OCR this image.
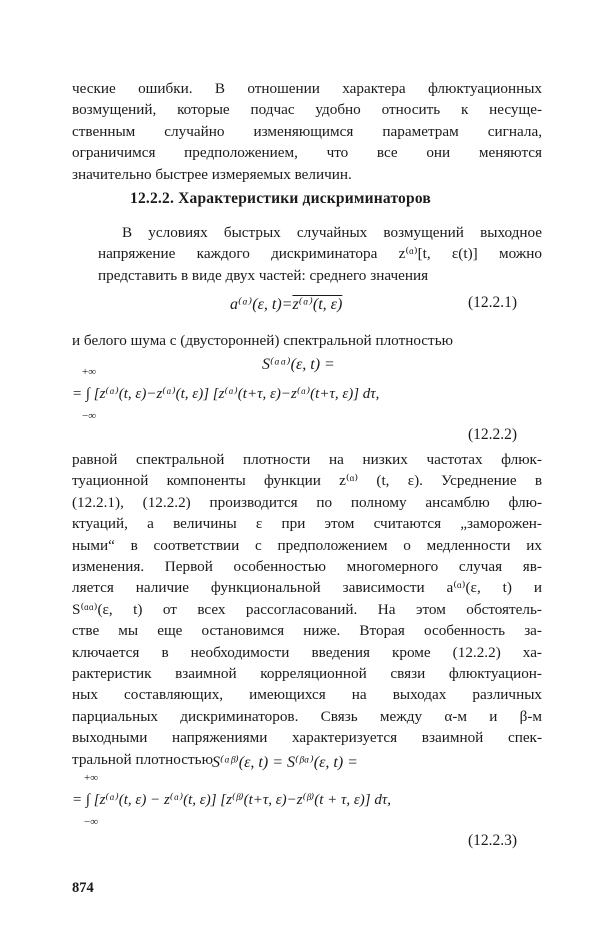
ческие ошибки. В отношении характера флюктуационных
возмущений, которые подчас удобно относить к несуще-
ственным случайно изменяющимся параметрам сигнала,
ограничимся предположением, что все они меняются
значительно быстрее измеряемых величин.

12.2.2. Характеристики дискриминаторов

В условиях быстрых случайных возмущений выходное
напряжение каждого дискриминатора z⁽ᵅ⁾[t, ε(t)] можно
представить в виде двух частей: среднего значения
a⁽ᵅ⁾(ε, t)=z⁽ᵅ⁾(t, ε)	(12.2.1)

и белого шума с (двусторонней) спектральной плотностью
S⁽ᵅᵅ⁾(ε, t) =
+∞
= ∫ [z⁽ᵅ⁾(t, ε)−z⁽ᵅ⁾(t, ε)] [z⁽ᵅ⁾(t+τ, ε)−z⁽ᵅ⁾(t+τ, ε)] dτ,
−∞

(12.2.2)

равной спектральной плотности на низких частотах флюк-
туационной компоненты функции z⁽ᵅ⁾ (t, ε). Усреднение в
(12.2.1), (12.2.2) производится по полному ансамблю флю-
ктуаций, а величины ε при этом считаются „заморожен-
ными“ в соответствии с предположением о медленности их
изменения. Первой особенностью многомерного случая яв-
ляется наличие функциональной зависимости a⁽ᵅ⁾(ε, t) и
S⁽ᵅᵅ⁾(ε, t) от всех рассогласований. На этом обстоятель-
стве мы еще остановимся ниже. Вторая особенность за-
ключается в необходимости введения кроме (12.2.2) ха-
рактеристик взаимной корреляционной связи флюктуацион-
ных составляющих, имеющихся на выходах различных
парциальных дискриминаторов. Связь между α-м и β-м
выходными напряжениями характеризуется взаимной спек-
тральной плотностью S⁽ᵅᵝ⁾(ε, t) = S⁽ᵝᵅ⁾(ε, t) =
+∞
= ∫ [z⁽ᵅ⁾(t, ε) − z⁽ᵅ⁾(t, ε)] [z⁽ᵝ⁾(t+τ, ε)−z⁽ᵝ⁾(t + τ, ε)] dτ,
−∞

(12.2.3)

874
